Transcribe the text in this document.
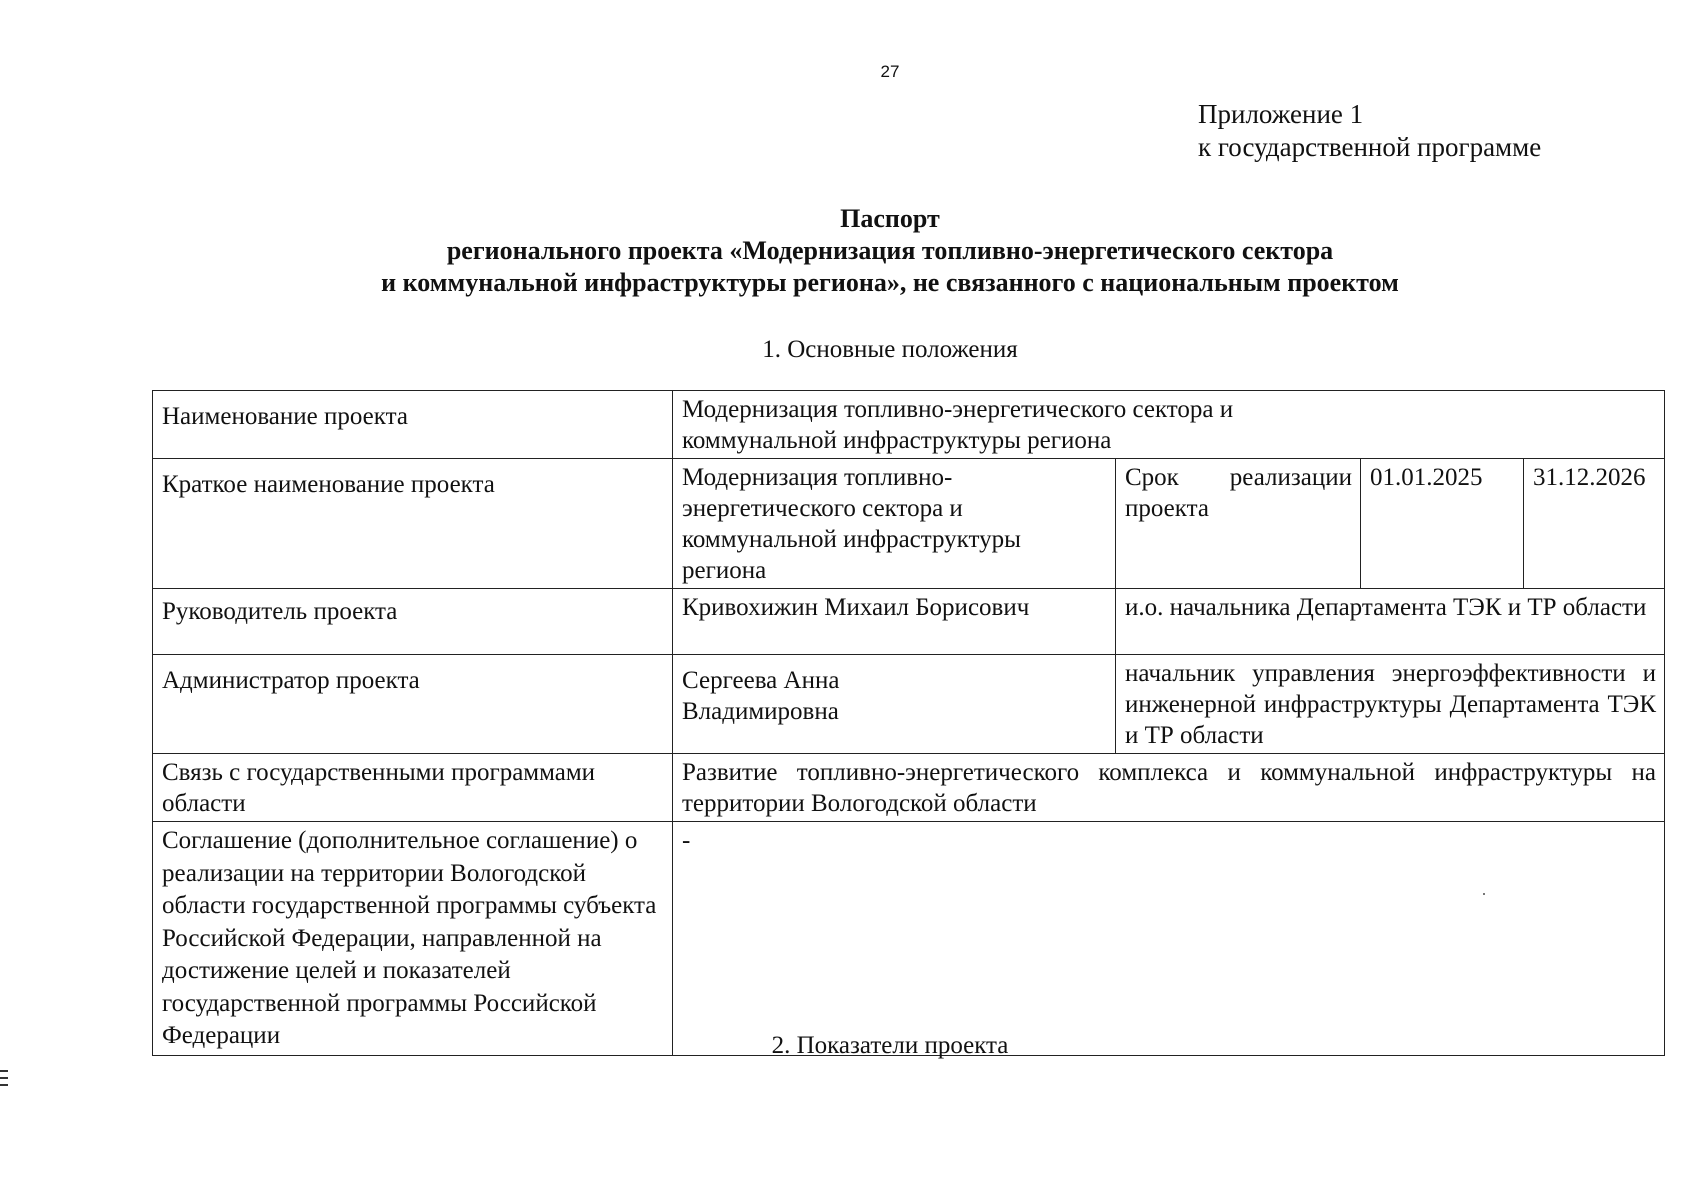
27
Приложение 1
к государственной программе
Паспорт
регионального проекта «Модернизация топливно-энергетического сектора
и коммунальной инфраструктуры региона», не связанного с национальным проектом
1. Основные положения
Наименование проекта	Модернизация топливно-энергетического сектора и коммунальной инфраструктуры региона			

Краткое наименование проекта	Модернизация топливно-энергетического сектора и коммунальной инфраструктуры региона	Срок реализации проекта	01.01.2025	31.12.2026
Руководитель проекта	Кривохижин Михаил Борисович	и.о. начальника Департамента ТЭК и ТР области		
Администратор проекта	Сергеева Анна Владимировна	начальник управления энергоэффективности и инженерной инфраструктуры Департамента ТЭК и ТР области		
Связь с государственными программами области	Развитие топливно-энергетического комплекса и коммунальной инфраструктуры на территории Вологодской области			
Соглашение (дополнительное соглашение) о реализации на территории Вологодской области государственной программы субъекта Российской Федерации, направленной на достижение целей и показателей государственной программы Российской Федерации	-			
2. Показатели проекта
